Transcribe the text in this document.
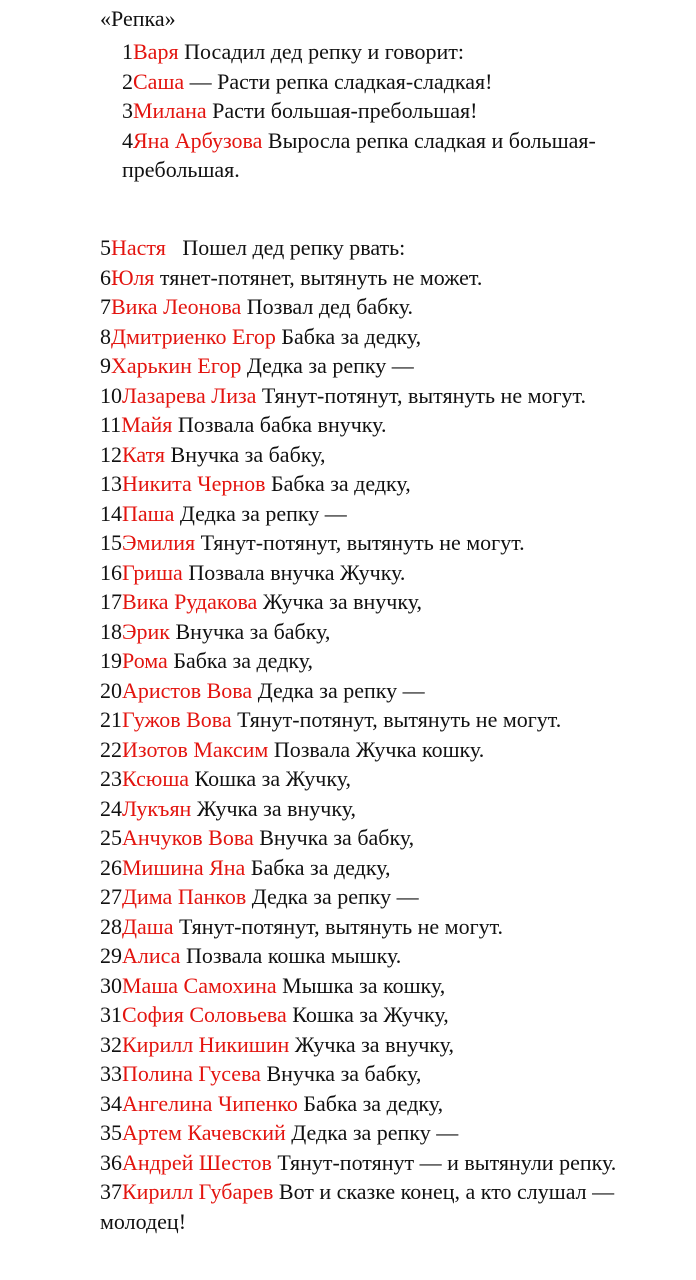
«Репка»
1Варя Посадил дед репку и говорит:
2Саша — Расти репка сладкая-сладкая!
3Милана Расти большая-пребольшая!
4Яна Арбузова Выросла репка сладкая и большая-пребольшая.
5Настя   Пошел дед репку рвать:
6Юля тянет-потянет, вытянуть не может.
7Вика Леонова Позвал дед бабку.
8Дмитриенко Егор Бабка за дедку,
9Харькин Егор Дедка за репку —
10Лазарева Лиза Тянут-потянут, вытянуть не могут.
11Майя Позвала бабка внучку.
12Катя Внучка за бабку,
13Никита Чернов Бабка за дедку,
14Паша Дедка за репку —
15Эмилия Тянут-потянут, вытянуть не могут.
16Гриша Позвала внучка Жучку.
17Вика Рудакова Жучка за внучку,
18Эрик Внучка за бабку,
19Рома Бабка за дедку,
20Аристов Вова Дедка за репку —
21Гужов Вова Тянут-потянут, вытянуть не могут.
22Изотов Максим Позвала Жучка кошку.
23Ксюша Кошка за Жучку,
24Лукъян Жучка за внучку,
25Анчуков Вова Внучка за бабку,
26Мишина Яна Бабка за дедку,
27Дима Панков Дедка за репку —
28Даша Тянут-потянут, вытянуть не могут.
29Алиса Позвала кошка мышку.
30Маша Самохина Мышка за кошку,
31София Соловьева Кошка за Жучку,
32Кирилл Никишин Жучка за внучку,
33Полина Гусева Внучка за бабку,
34Ангелина Чипенко Бабка за дедку,
35Артем Качевский Дедка за репку —
36Андрей Шестов Тянут-потянут — и вытянули репку.
37Кирилл Губарев Вот и сказке конец, а кто слушал — молодец!
